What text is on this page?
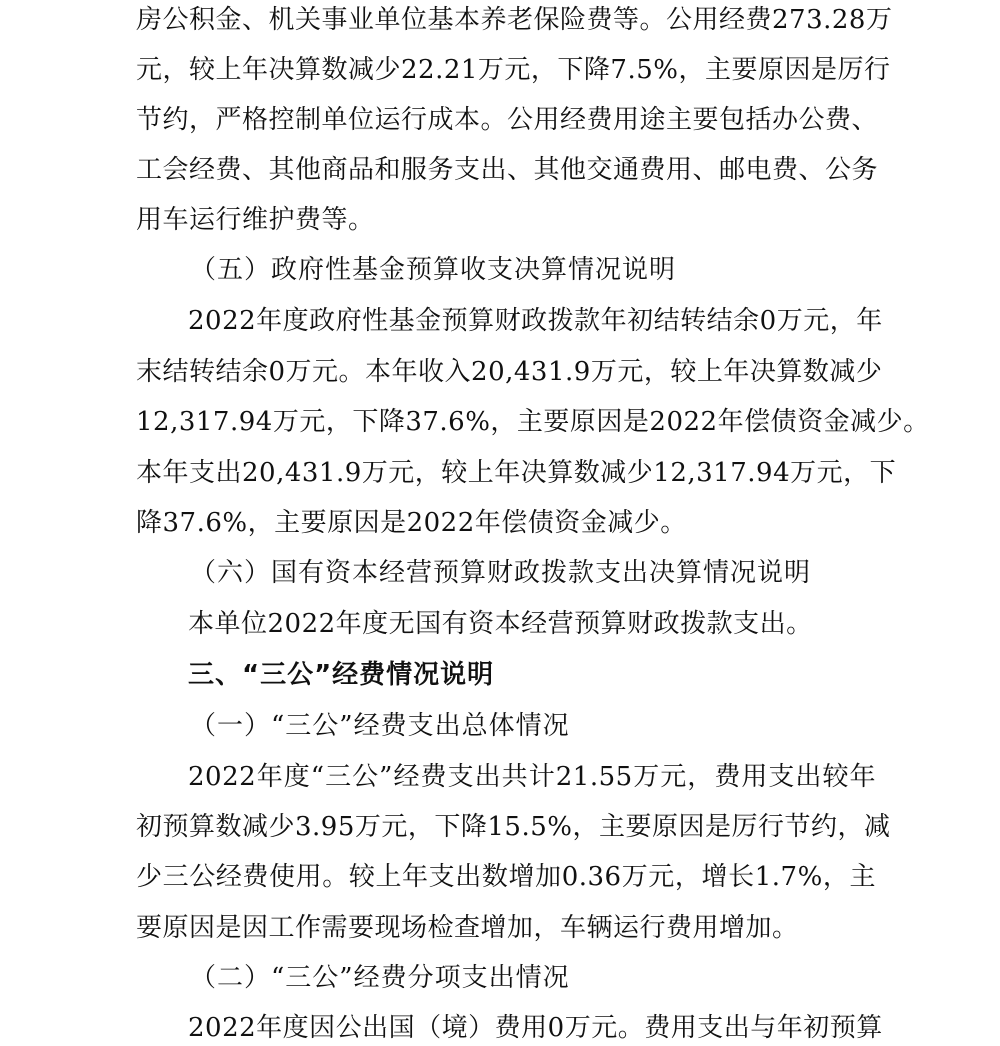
房公积金、机关事业单位基本养老保险费等。公用经费273.28万
元，较上年决算数减少22.21万元，下降7.5%，主要原因是厉行
节约，严格控制单位运行成本。公用经费用途主要包括办公费、
工会经费、其他商品和服务支出、其他交通费用、邮电费、公务
用车运行维护费等。
（五）政府性基金预算收支决算情况说明
2022年度政府性基金预算财政拨款年初结转结余0万元，年
末结转结余0万元。本年收入20,431.9万元，较上年决算数减少
12,317.94万元，下降37.6%，主要原因是2022年偿债资金减少。
本年支出20,431.9万元，较上年决算数减少12,317.94万元，下
降37.6%，主要原因是2022年偿债资金减少。
（六）国有资本经营预算财政拨款支出决算情况说明
本单位2022年度无国有资本经营预算财政拨款支出。
三、“三公”经费情况说明
（一）“三公”经费支出总体情况
2022年度“三公”经费支出共计21.55万元，费用支出较年
初预算数减少3.95万元，下降15.5%，主要原因是厉行节约，减
少三公经费使用。较上年支出数增加0.36万元，增长1.7%，主
要原因是因工作需要现场检查增加，车辆运行费用增加。
（二）“三公”经费分项支出情况
2022年度因公出国（境）费用0万元。费用支出与年初预算
